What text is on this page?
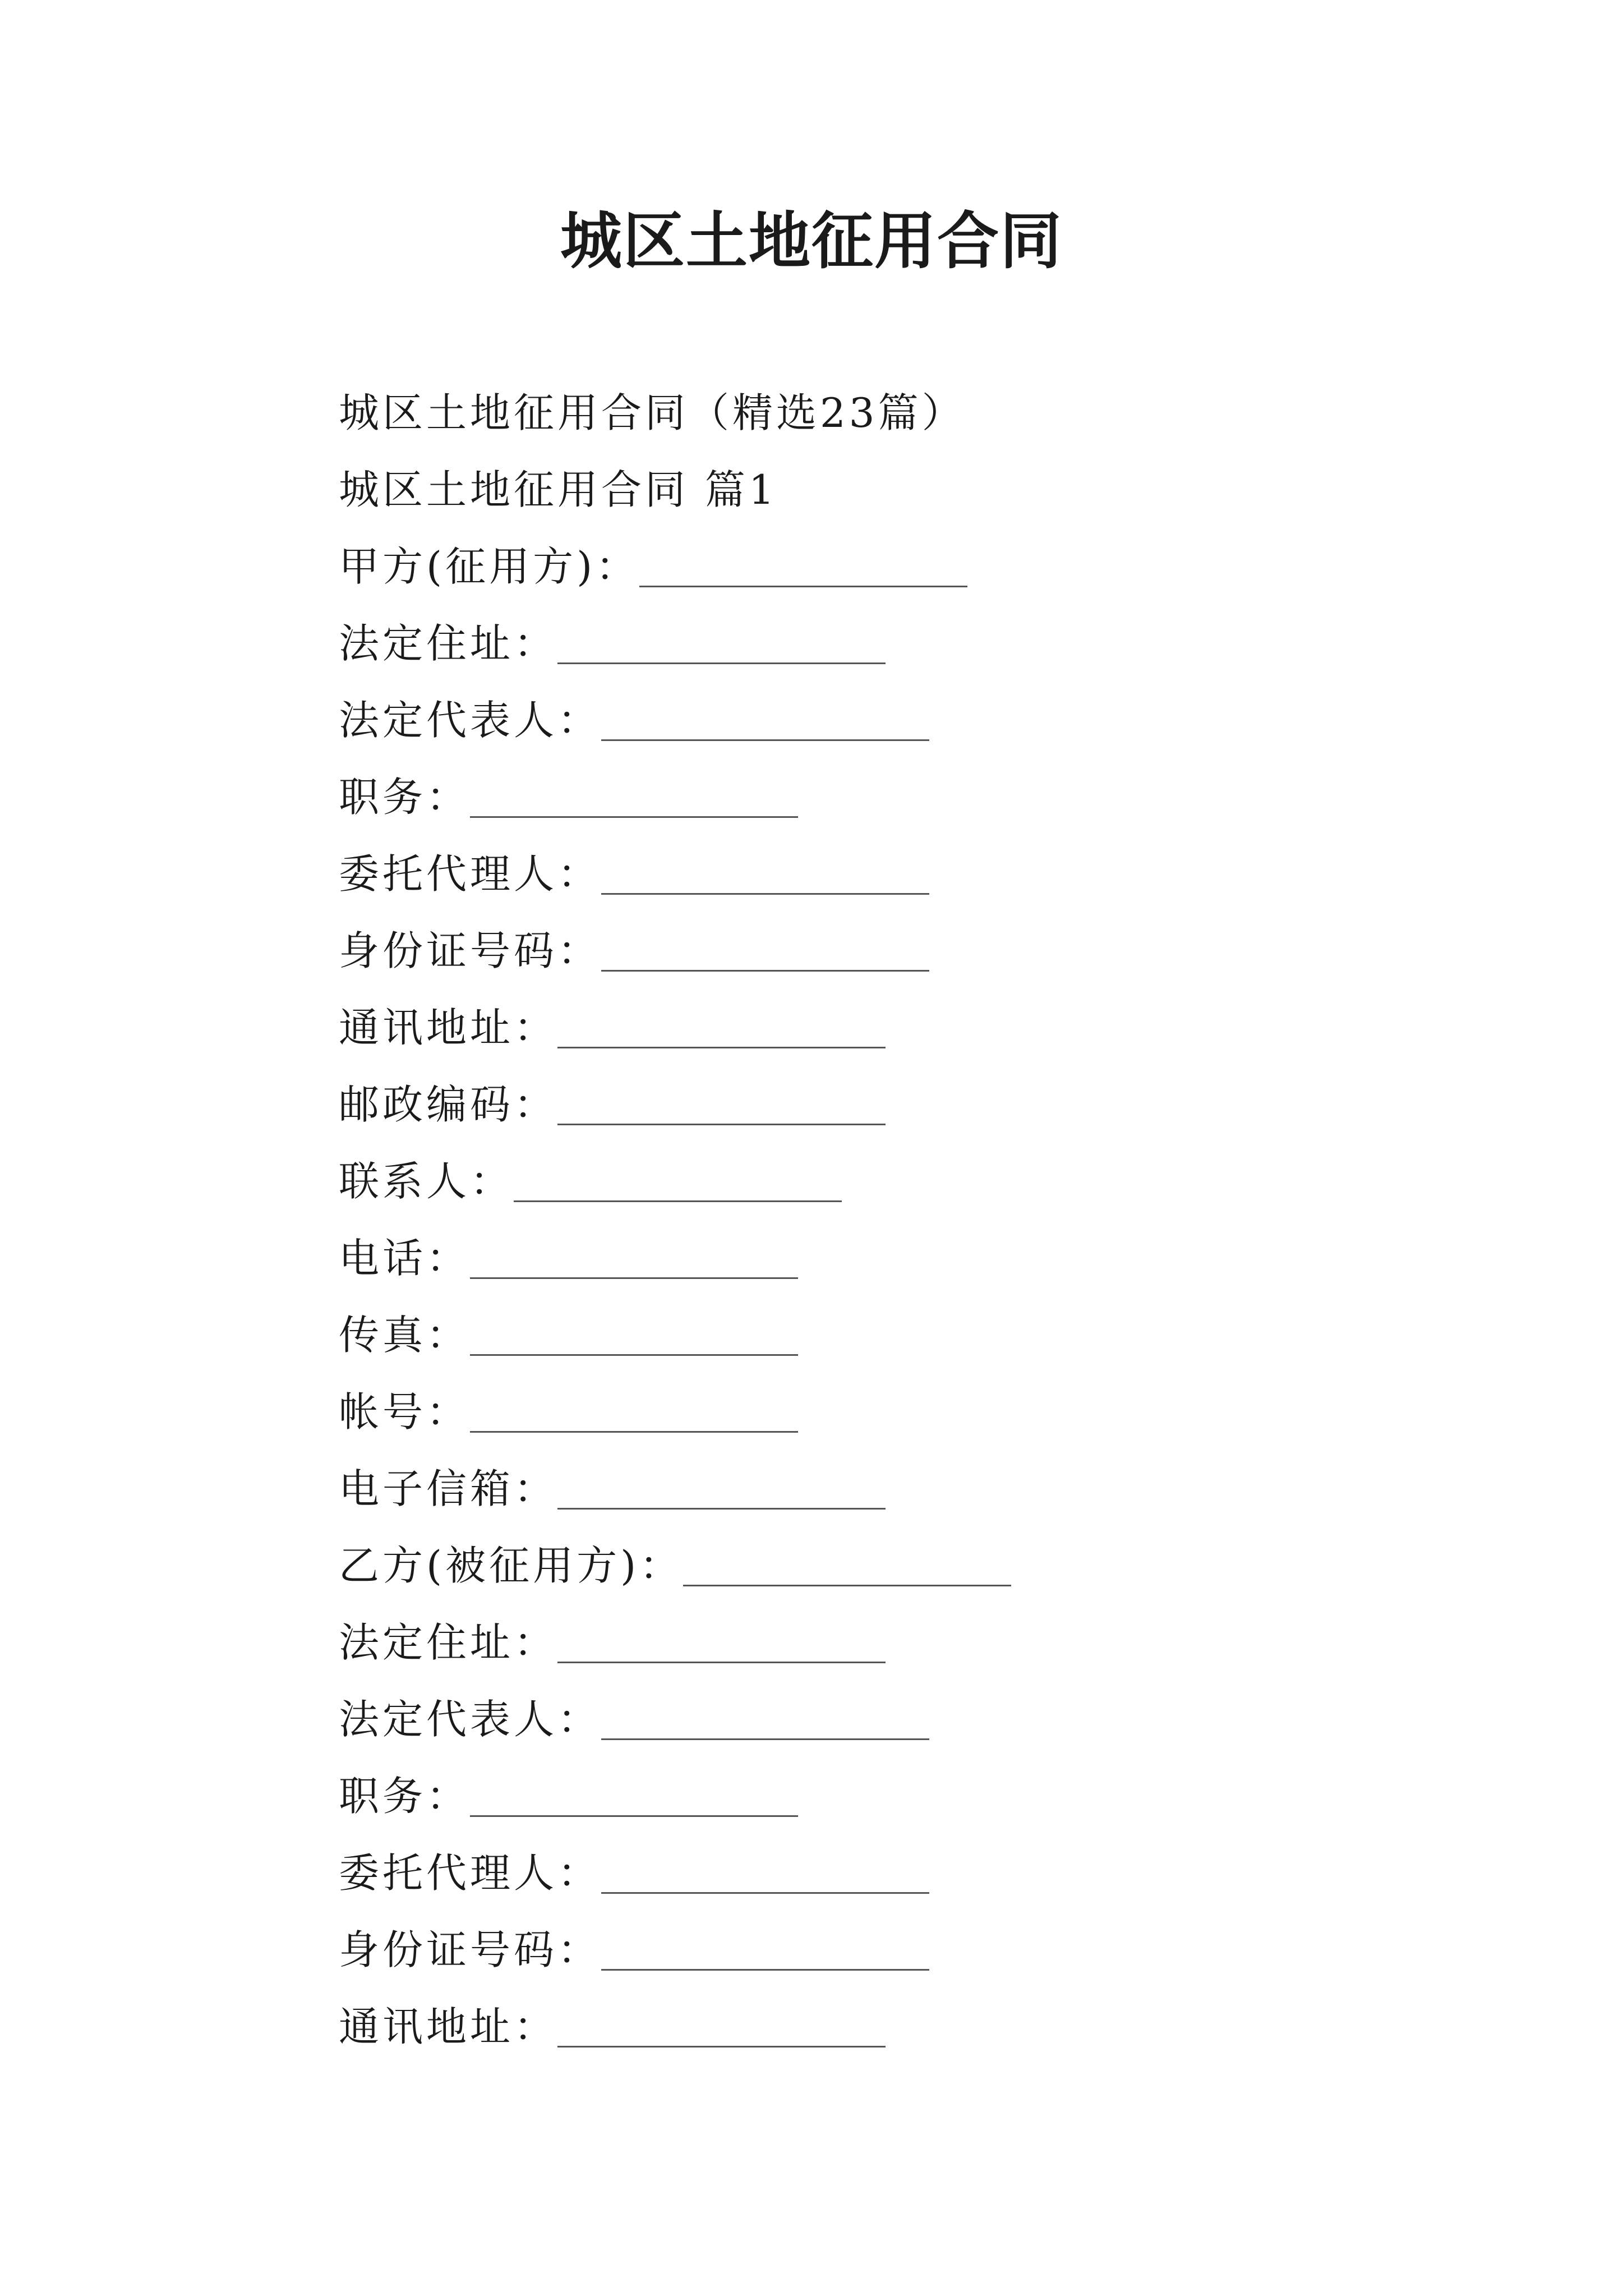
城区土地征用合同
城区土地征用合同（精选23篇）
城区土地征用合同 篇1
甲方(征用方)：
法定住址：
法定代表人：
职务：
委托代理人：
身份证号码：
通讯地址：
邮政编码：
联系人：
电话：
传真：
帐号：
电子信箱：
乙方(被征用方)：
法定住址：
法定代表人：
职务：
委托代理人：
身份证号码：
通讯地址：
